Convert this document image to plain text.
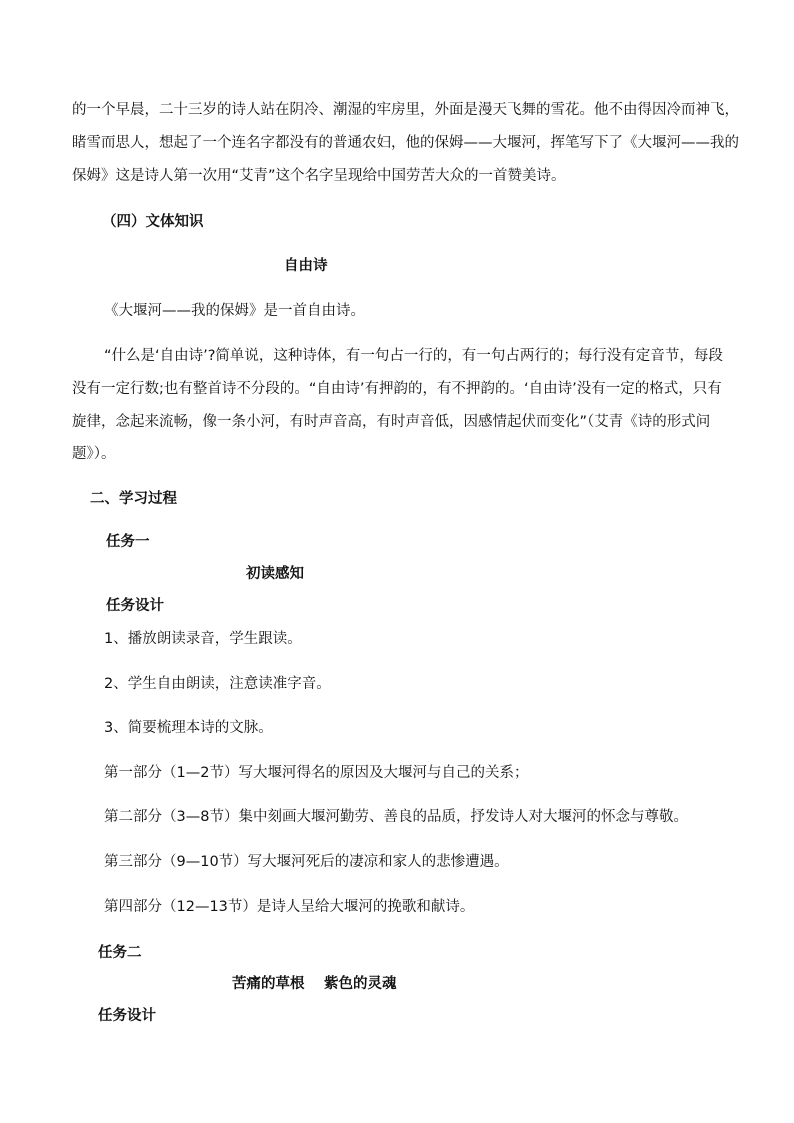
的一个早晨，二十三岁的诗人站在阴冷、潮湿的牢房里，外面是漫天飞舞的雪花。他不由得因冷而神飞，
睹雪而思人，想起了一个连名字都没有的普通农妇，他的保姆——大堰河，挥笔写下了《大堰河——我的
保姆》这是诗人第一次用“艾青”这个名字呈现给中国劳苦大众的一首赞美诗。
（四）文体知识
自由诗
《大堰河——我的保姆》是一首自由诗。
“什么是‘自由诗’?简单说，这种诗体，有一句占一行的，有一句占两行的；每行没有定音节，每段
没有一定行数;也有整首诗不分段的。“自由诗’有押韵的，有不押韵的。‘自由诗’没有一定的格式，只有
旋律，念起来流畅，像一条小河，有时声音高，有时声音低，因感情起伏而变化”（艾青《诗的形式问
题》）。
二、学习过程
任务一
初读感知
任务设计
1、播放朗读录音，学生跟读。
2、学生自由朗读，注意读准字音。
3、简要梳理本诗的文脉。
第一部分（1—2节）写大堰河得名的原因及大堰河与自己的关系；
第二部分（3—8节）集中刻画大堰河勤劳、善良的品质，抒发诗人对大堰河的怀念与尊敬。
第三部分（9—10节）写大堰河死后的凄凉和家人的悲惨遭遇。
第四部分（12—13节）是诗人呈给大堰河的挽歌和献诗。
任务二
苦痛的草根　 紫色的灵魂
任务设计
